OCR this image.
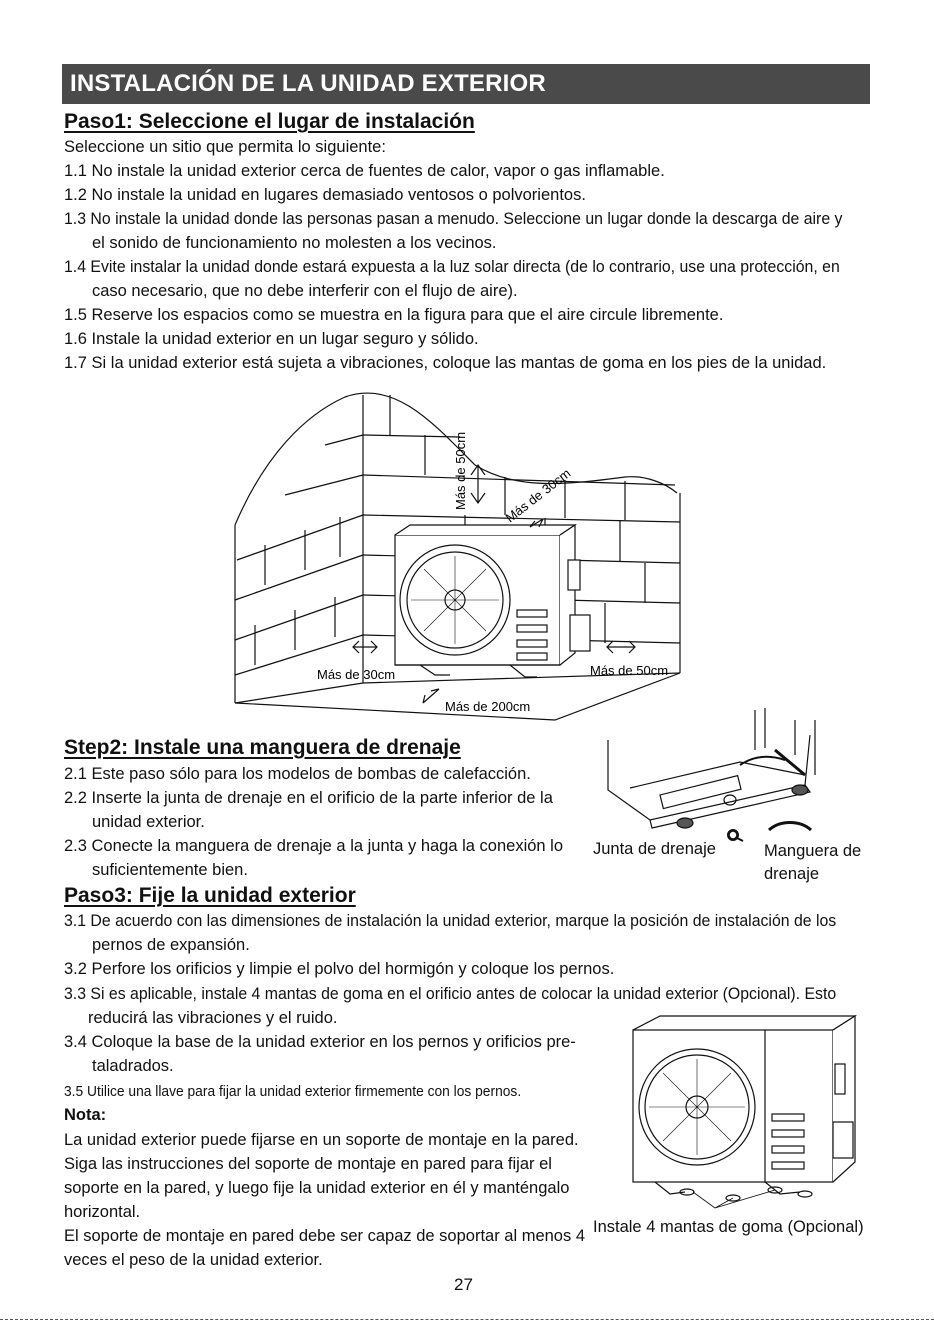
INSTALACIÓN DE LA UNIDAD EXTERIOR
Paso1: Seleccione el lugar de instalación
Seleccione un sitio que permita lo siguiente:
1.1 No instale la unidad exterior cerca de fuentes de calor, vapor o gas inflamable.
1.2 No instale la unidad en lugares demasiado ventosos o polvorientos.
1.3 No instale la unidad donde las personas pasan a menudo. Seleccione un lugar donde la descarga de aire y
el sonido de funcionamiento no molesten a los vecinos.
1.4 Evite instalar la unidad donde estará expuesta a la luz solar directa (de lo contrario, use una protección, en
caso necesario, que no debe interferir con el flujo de aire).
1.5 Reserve los espacios como se muestra en la figura para que el aire circule libremente.
1.6 Instale la unidad exterior en un lugar seguro y sólido.
1.7 Si la unidad exterior está sujeta a vibraciones, coloque las mantas de goma en los pies de la unidad.
Más de 50cm	Más de 30cm
Más de 30cm	Más de 50cm
Más de 200cm
Step2: Instale una manguera de drenaje
2.1 Este paso sólo para los modelos de bombas de calefacción.
2.2 Inserte la junta de drenaje en el orificio de la parte inferior de la
unidad exterior.
2.3 Conecte la manguera de drenaje a la junta y haga la conexión lo
suficientemente bien.
Junta de drenaje	Manguera de
drenaje
Paso3: Fije la unidad exterior
3.1 De acuerdo con las dimensiones de instalación la unidad exterior, marque la posición de instalación de los
pernos de expansión.
3.2 Perfore los orificios y limpie el polvo del hormigón y coloque los pernos.
3.3 Si es aplicable, instale 4 mantas de goma en el orificio antes de colocar la unidad exterior (Opcional). Esto
reducirá las vibraciones y el ruido.
3.4 Coloque la base de la unidad exterior en los pernos y orificios pre-
taladrados.
3.5 Utilice una llave para fijar la unidad exterior firmemente con los pernos.
Nota:
La unidad exterior puede fijarse en un soporte de montaje en la pared.
Siga las instrucciones del soporte de montaje en pared para fijar el
soporte en la pared, y luego fije la unidad exterior en él y manténgalo
horizontal.
El soporte de montaje en pared debe ser capaz de soportar al menos 4
veces el peso de la unidad exterior.
Instale 4 mantas de goma (Opcional)
27
